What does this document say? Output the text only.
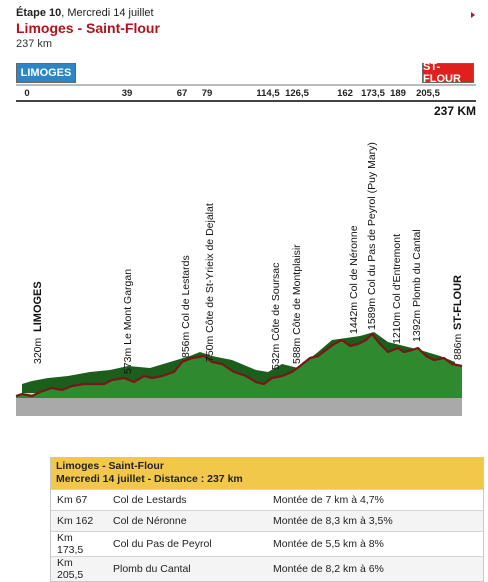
Étape 10, Mercredi 14 juillet
Limoges - Saint-Flour
237 km
LIMOGES	ST-FLOUR
0	39	67 79	114,5 126,5	162 173,5 189 205,5
237 KM
320m
LIMOGES
573m Le Mont Gargan
856m Col de Lestards
750m Côte de St-Yrieix de Dejalat
532m Côte de Soursac
588m Côte de Montplaisir	1442m Col de Néronne
1589m Col du Pas de Peyrol (Puy Mary)
1210m Col d'Entremont
1392m Plomb du Cantal
886m
ST-FLOUR
Limoges - Saint-Flour
Mercredi 14 juillet - Distance : 237 km		

Km 67	Col de Lestards	Montée de 7 km à 4,7%
Km 162	Col de Néronne	Montée de 8,3 km à 3,5%
Km 173,5	Col du Pas de Peyrol	Montée de 5,5 km à 8%
Km 205,5	Plomb du Cantal	Montée de 8,2 km à 6%
